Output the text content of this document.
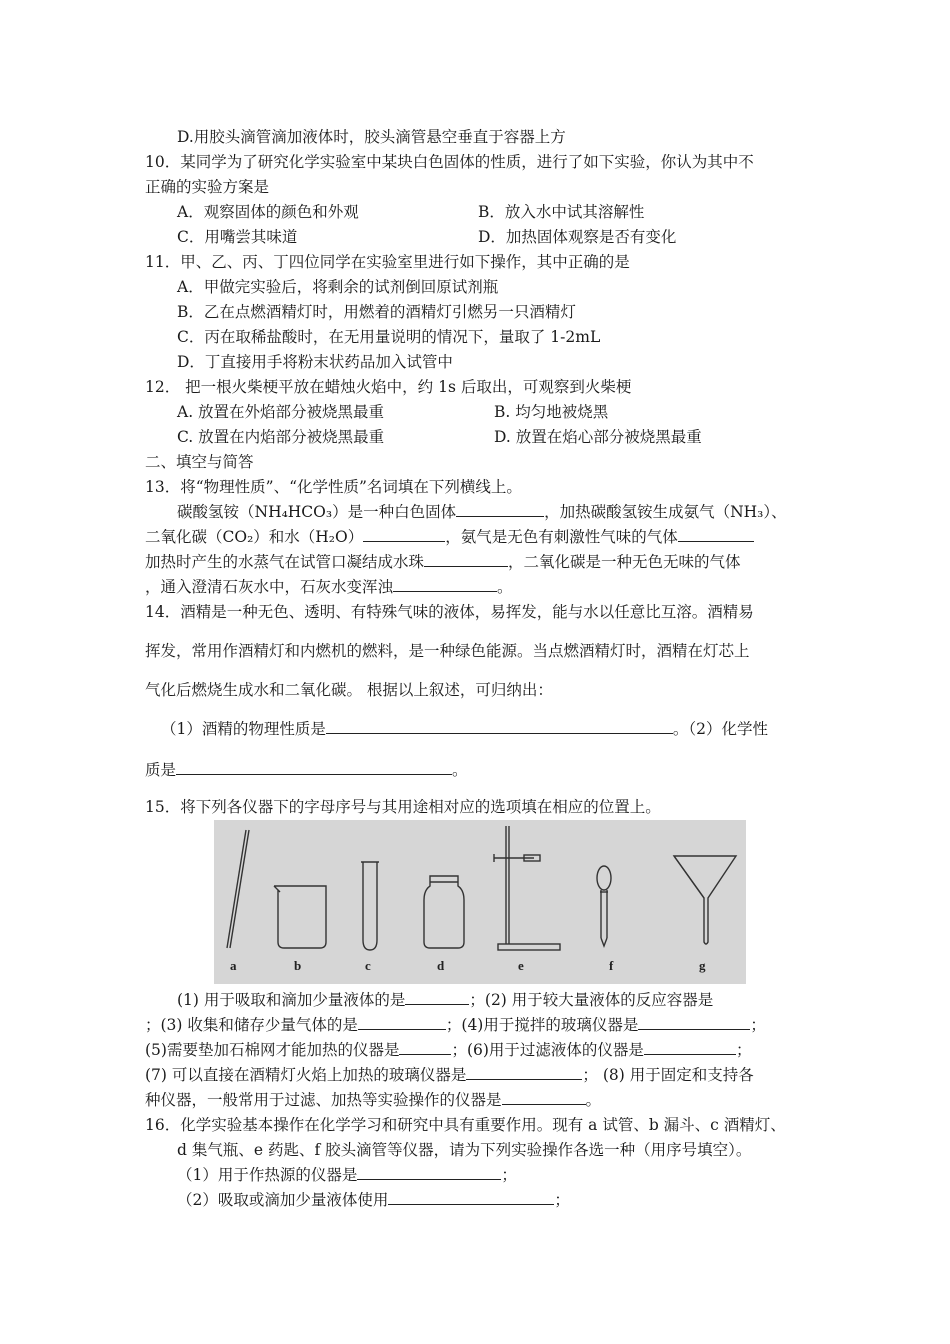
D.用胶头滴管滴加液体时，胶头滴管悬空垂直于容器上方
10．某同学为了研究化学实验室中某块白色固体的性质，进行了如下实验，你认为其中不
正确的实验方案是
A．观察固体的颜色和外观	B．放入水中试其溶解性
C．用嘴尝其味道	D．加热固体观察是否有变化
11．甲、乙、丙、丁四位同学在实验室里进行如下操作，其中正确的是
A．甲做完实验后，将剩余的试剂倒回原试剂瓶
B．乙在点燃酒精灯时，用燃着的酒精灯引燃另一只酒精灯
C．丙在取稀盐酸时，在无用量说明的情况下，量取了 1-2mL
D．丁直接用手将粉末状药品加入试管中
12． 把一根火柴梗平放在蜡烛火焰中，约 1s 后取出，可观察到火柴梗
A. 放置在外焰部分被烧黑最重	B. 均匀地被烧黑
C. 放置在内焰部分被烧黑最重	D. 放置在焰心部分被烧黑最重
二、填空与简答
13．将“物理性质”、“化学性质”名词填在下列横线上。
碳酸氢铵（NH₄HCO₃）是一种白色固体	，加热碳酸氢铵生成氨气（NH₃）、
二氧化碳（CO₂）和水（H₂O）	，氨气是无色有刺激性气味的气体
加热时产生的水蒸气在试管口凝结成水珠	，二氧化碳是一种无色无味的气体
，通入澄清石灰水中，石灰水变浑浊	。
14．酒精是一种无色、透明、有特殊气味的液体，易挥发，能与水以任意比互溶。酒精易
挥发，常用作酒精灯和内燃机的燃料，是一种绿色能源。当点燃酒精灯时，酒精在灯芯上
气化后燃烧生成水和二氧化碳。 根据以上叙述，可归纳出：
（1）酒精的物理性质是	。（2）化学性
质是	。
15．将下列各仪器下的字母序号与其用途相对应的选项填在相应的位置上。
a	b	c	d	e	f	g
(1) 用于吸取和滴加少量液体的是	；(2) 用于较大量液体的反应容器是
；(3) 收集和储存少量气体的是	；(4)用于搅拌的玻璃仪器是	；
(5)需要垫加石棉网才能加热的仪器是	；(6)用于过滤液体的仪器是	；
(7) 可以直接在酒精灯火焰上加热的玻璃仪器是	； (8) 用于固定和支持各
种仪器，一般常用于过滤、加热等实验操作的仪器是	。
16．化学实验基本操作在化学学习和研究中具有重要作用。现有 a 试管、b 漏斗、c 酒精灯、
d 集气瓶、e 药匙、f 胶头滴管等仪器，请为下列实验操作各选一种（用序号填空）。
（1）用于作热源的仪器是	；
（2）吸取或滴加少量液体使用	；
